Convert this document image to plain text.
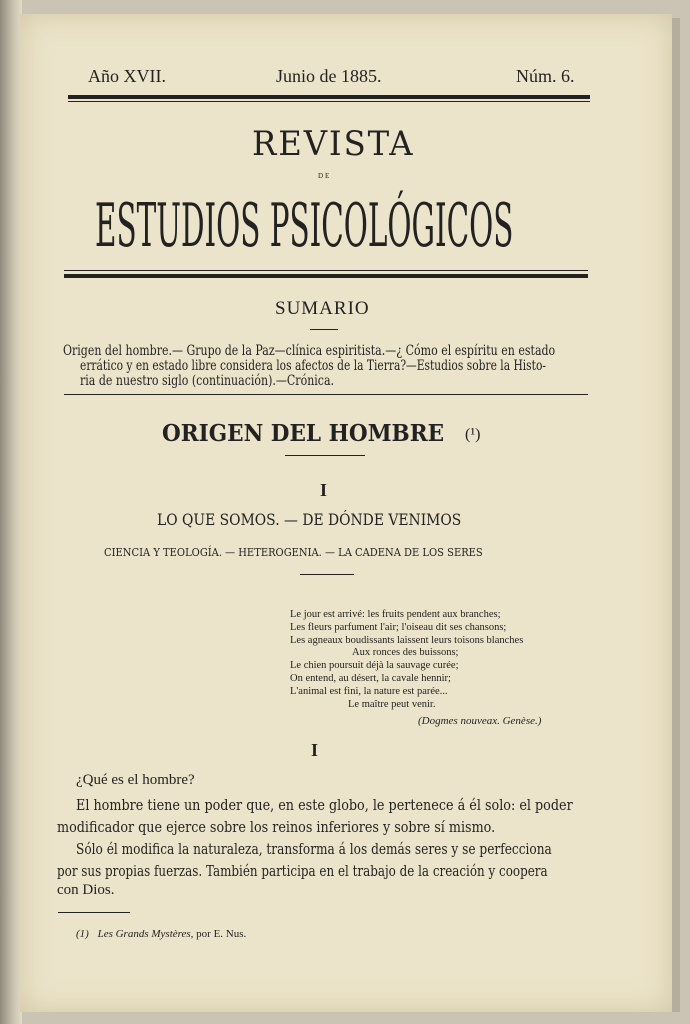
Año XVII.	Junio de 1885.	Núm. 6.
REVISTA
DE
ESTUDIOS PSICOLÓGICOS
SUMARIO
Origen del hombre.— Grupo de la Paz—clínica espiritista.—¿ Cómo el espíritu en estado
errático y en estado libre considera los afectos de la Tierra?—Estudios sobre la Histo-
ria de nuestro siglo (continuación).—Crónica.
ORIGEN DEL HOMBRE	(¹)
I
LO QUE SOMOS. — DE DÓNDE VENIMOS
CIENCIA Y TEOLOGÍA. — HETEROGENIA. — LA CADENA DE LOS SERES
Le jour est arrivé: les fruits pendent aux branches;
Les fleurs parfument l'air; l'oiseau dit ses chansons;
Les agneaux boudissants laissent leurs toisons blanches
Aux ronces des buissons;
Le chien poursuit déjà la sauvage curée;
On entend, au désert, la cavale hennir;
L'animal est fini, la nature est parée...
Le maître peut venir.
(Dogmes nouveax. Genèse.)
I
¿Qué es el hombre?
El hombre tiene un poder que, en este globo, le pertenece á él solo: el poder
modificador que ejerce sobre los reinos inferiores y sobre sí mismo.
Sólo él modifica la naturaleza, transforma á los demás seres y se perfecciona
por sus propias fuerzas. También participa en el trabajo de la creación y coopera
con Dios.
(1) Les Grands Mystères, por E. Nus.
